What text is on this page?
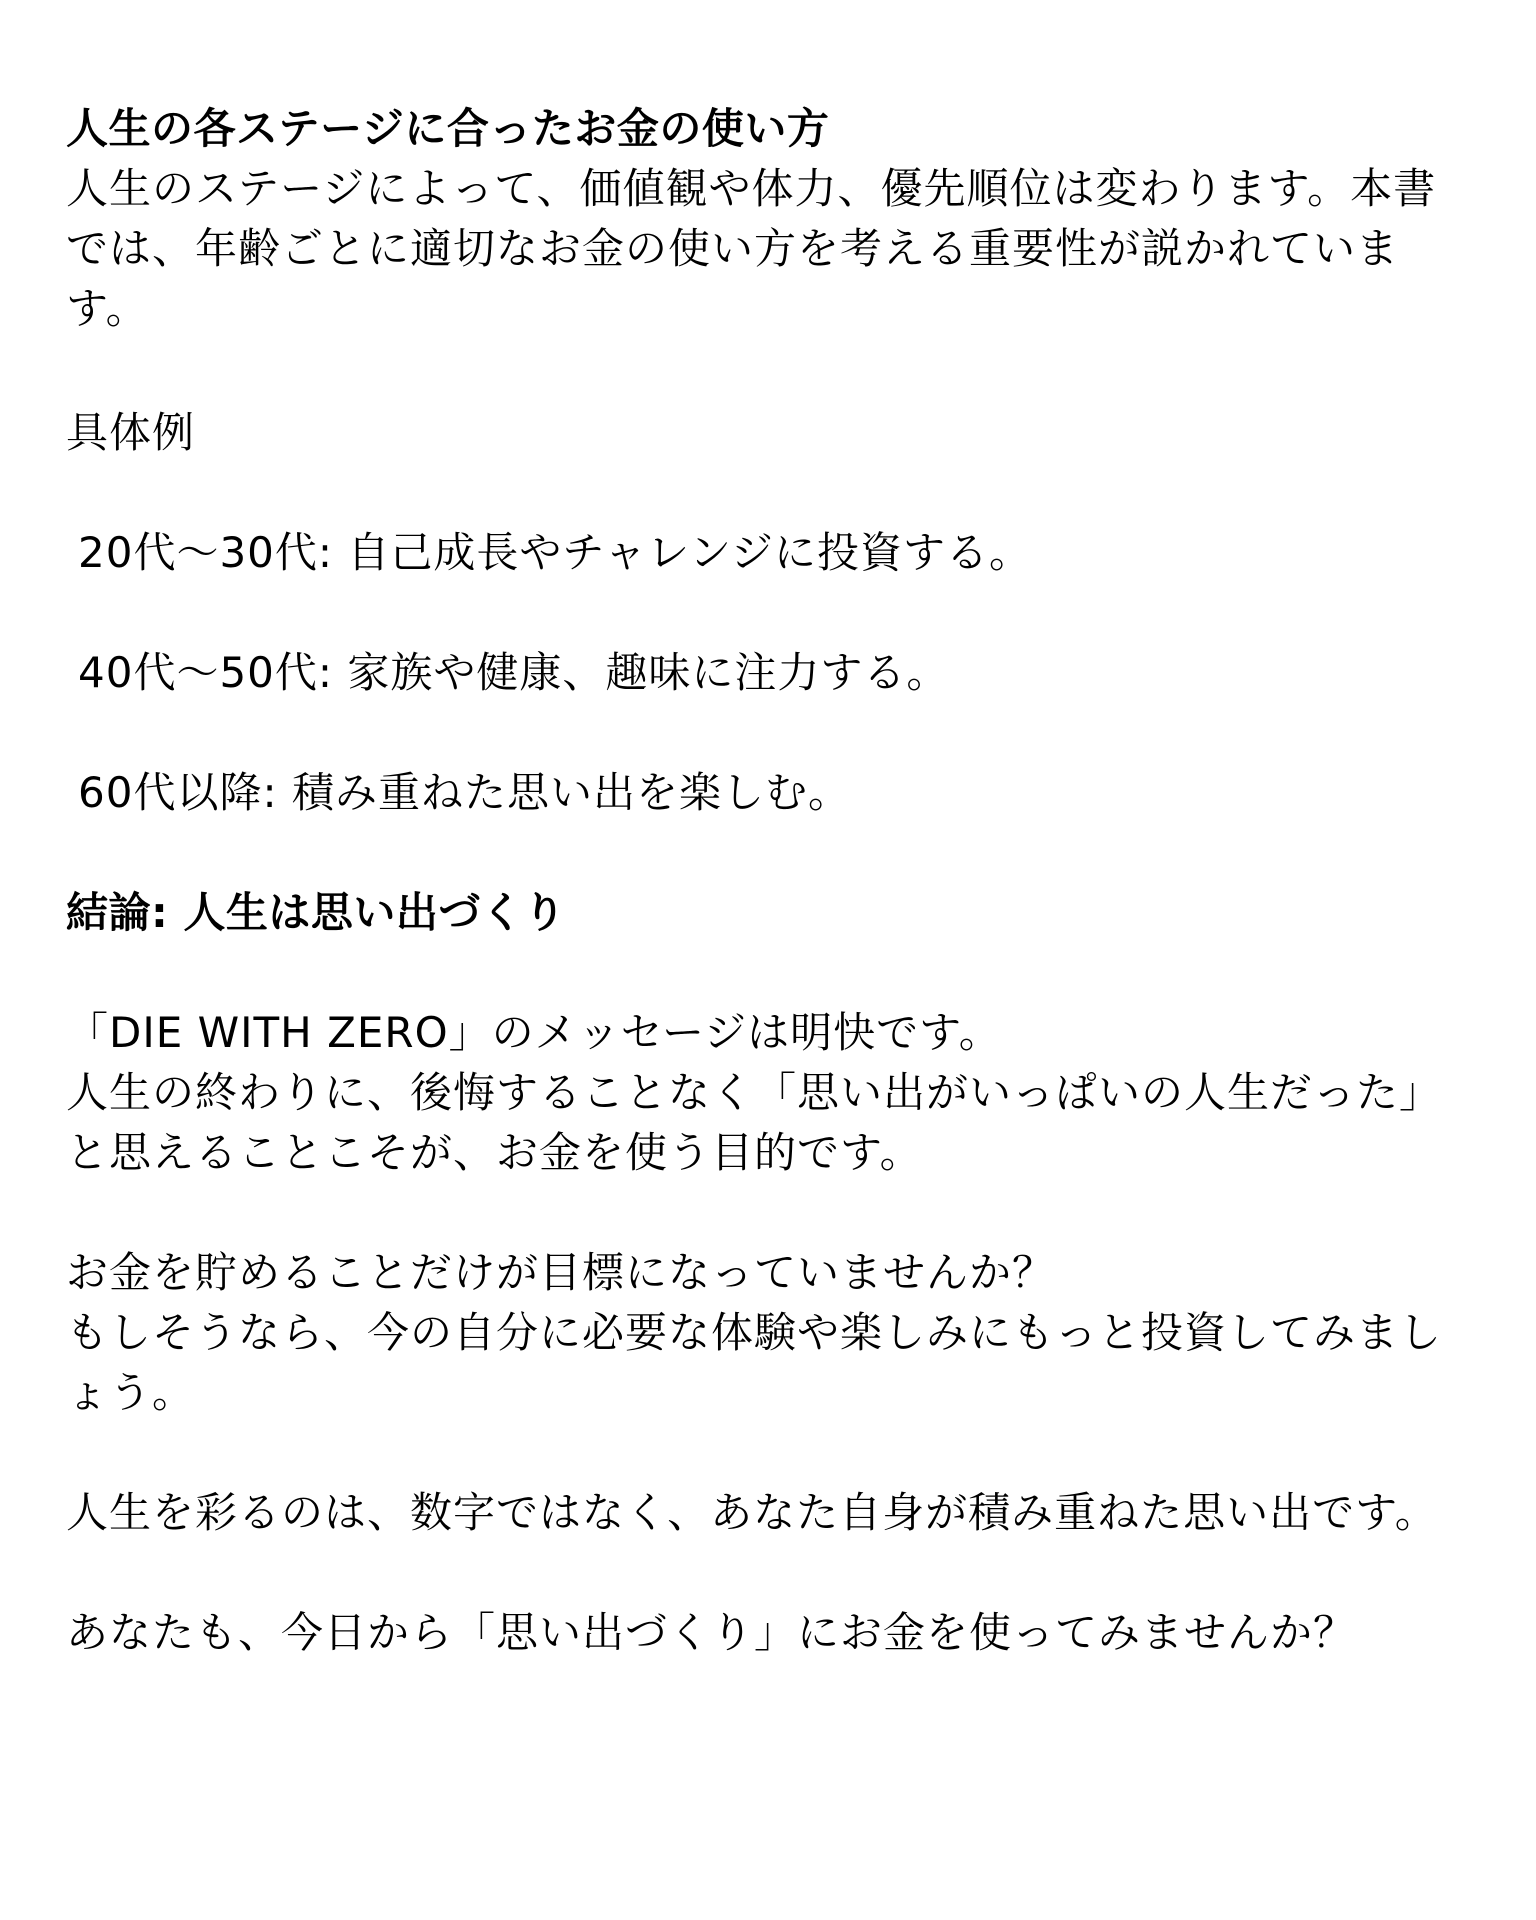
人生の各ステージに合ったお金の使い方
人生のステージによって、価値観や体力、優先順位は変わります。本書
では、年齢ごとに適切なお金の使い方を考える重要性が説かれていま
す。
具体例
20代〜30代: 自己成長やチャレンジに投資する。
40代〜50代: 家族や健康、趣味に注力する。
60代以降: 積み重ねた思い出を楽しむ。
結論: 人生は思い出づくり
「DIE WITH ZERO」のメッセージは明快です。
人生の終わりに、後悔することなく「思い出がいっぱいの人生だった」
と思えることこそが、お金を使う目的です。
お金を貯めることだけが目標になっていませんか？
もしそうなら、今の自分に必要な体験や楽しみにもっと投資してみまし
ょう。
人生を彩るのは、数字ではなく、あなた自身が積み重ねた思い出です。
あなたも、今日から「思い出づくり」にお金を使ってみませんか？
